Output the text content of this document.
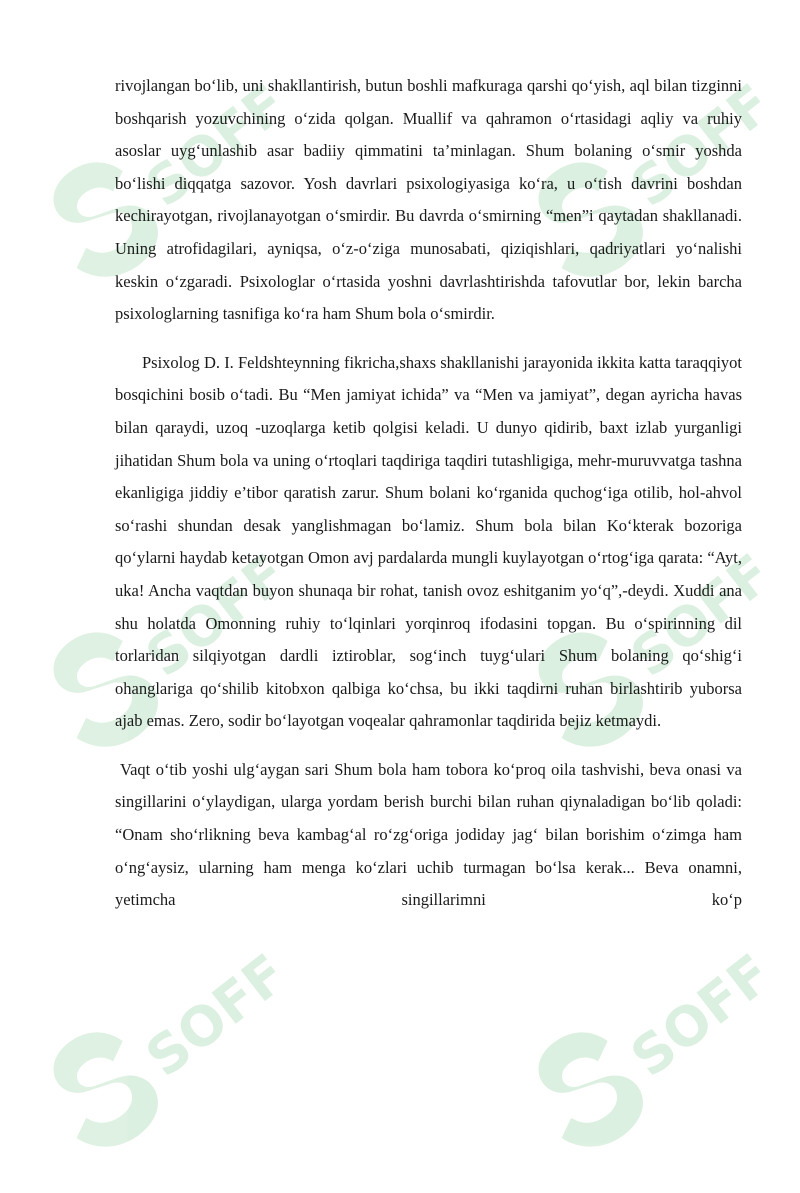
SOFF	SOFF
SOFF	SOFF
SOFF	SOFF

rivojlangan bo‘lib, uni shakllantirish, butun boshli mafkuraga qarshi qo‘yish, aql bilan tizginni boshqarish yozuvchining o‘zida qolgan. Muallif va qahramon o‘rtasidagi aqliy va ruhiy asoslar uyg‘unlashib asar badiiy qimmatini ta’minlagan. Shum bolaning o‘smir yoshda bo‘lishi diqqatga sazovor. Yosh davrlari psixologiyasiga ko‘ra, u o‘tish davrini boshdan kechirayotgan, rivojlanayotgan o‘smirdir. Bu davrda o‘smirning “men”i qaytadan shakllanadi. Uning atrofidagilari, ayniqsa, o‘z-o‘ziga munosabati, qiziqishlari, qadriyatlari yo‘nalishi keskin o‘zgaradi. Psixologlar o‘rtasida yoshni davrlashtirishda tafovutlar bor, lekin barcha psixologlarning tasnifiga ko‘ra ham Shum bola o‘smirdir.

Psixolog D. I. Feldshteynning fikricha,shaxs shakllanishi jarayonida ikkita katta taraqqiyot bosqichini bosib o‘tadi. Bu “Men jamiyat ichida” va “Men va jamiyat”, degan ayricha havas bilan qaraydi, uzoq -uzoqlarga ketib qolgisi keladi. U dunyo qidirib, baxt izlab yurganligi jihatidan Shum bola va uning o‘rtoqlari taqdiriga taqdiri tutashligiga, mehr-muruvvatga tashna ekanligiga jiddiy e’tibor qaratish zarur. Shum bolani ko‘rganida quchog‘iga otilib, hol-ahvol so‘rashi shundan desak yanglishmagan bo‘lamiz. Shum bola bilan Ko‘kterak bozoriga qo‘ylarni haydab ketayotgan Omon avj pardalarda mungli kuylayotgan o‘rtog‘iga qarata: “Ayt, uka! Ancha vaqtdan buyon shunaqa bir rohat, tanish ovoz eshitganim yo‘q”,-deydi. Xuddi ana shu holatda Omonning ruhiy to‘lqinlari yorqinroq ifodasini topgan. Bu o‘spirinning dil torlaridan silqiyotgan dardli iztiroblar, sog‘inch tuyg‘ulari Shum bolaning qo‘shig‘i ohanglariga qo‘shilib kitobxon qalbiga ko‘chsa, bu ikki taqdirni ruhan birlashtirib yuborsa ajab emas. Zero, sodir bo‘layotgan voqealar qahramonlar taqdirida bejiz ketmaydi.

Vaqt o‘tib yoshi ulg‘aygan sari Shum bola ham tobora ko‘proq oila tashvishi, beva onasi va singillarini o‘ylaydigan, ularga yordam berish burchi bilan ruhan qiynaladigan bo‘lib qoladi: “Onam sho‘rlikning beva kambag‘al ro‘zg‘origa jodiday jag‘ bilan borishim o‘zimga ham o‘ng‘aysiz, ularning ham menga ko‘zlari uchib turmagan bo‘lsa kerak... Beva onamni, yetimcha singillarimni ko‘p
